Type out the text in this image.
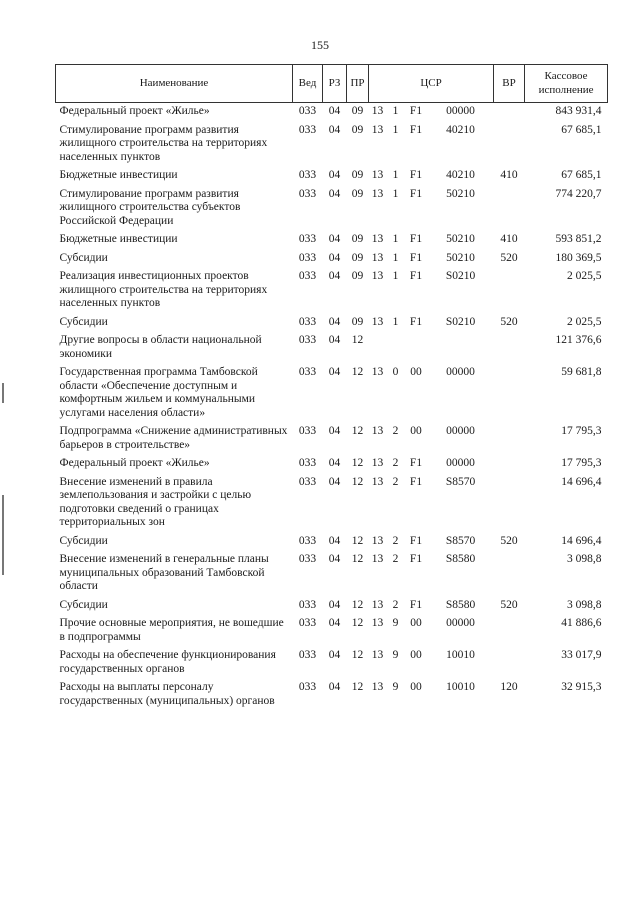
155
Наименование	Вед	РЗ	ПР	ЦСР				ВР	Кассовое исполнение
Федеральный проект «Жилье»	033	04	09	13	1	F1	00000		843 931,4
Стимулирование программ развития жилищного строительства на территориях населенных пунктов	033	04	09	13	1	F1	40210		67 685,1
Бюджетные инвестиции	033	04	09	13	1	F1	40210	410	67 685,1
Стимулирование программ развития жилищного строительства субъектов Российской Федерации	033	04	09	13	1	F1	50210		774 220,7
Бюджетные инвестиции	033	04	09	13	1	F1	50210	410	593 851,2
Субсидии	033	04	09	13	1	F1	50210	520	180 369,5
Реализация инвестиционных проектов жилищного строительства на территориях населенных пунктов	033	04	09	13	1	F1	S0210		2 025,5
Субсидии	033	04	09	13	1	F1	S0210	520	2 025,5
Другие вопросы в области национальной экономики	033	04	12						121 376,6
Государственная программа Тамбовской области «Обеспечение доступным и комфортным жильем и коммунальными услугами населения области»	033	04	12	13	0	00	00000		59 681,8
Подпрограмма «Снижение административных барьеров в строительстве»	033	04	12	13	2	00	00000		17 795,3
Федеральный проект «Жилье»	033	04	12	13	2	F1	00000		17 795,3
Внесение изменений в правила землепользования и застройки с целью подготовки сведений о границах территориальных зон	033	04	12	13	2	F1	S8570		14 696,4
Субсидии	033	04	12	13	2	F1	S8570	520	14 696,4
Внесение изменений в генеральные планы муниципальных образований Тамбовской области	033	04	12	13	2	F1	S8580		3 098,8
Субсидии	033	04	12	13	2	F1	S8580	520	3 098,8
Прочие основные мероприятия, не вошедшие в подпрограммы	033	04	12	13	9	00	00000		41 886,6
Расходы на обеспечение функционирования государственных органов	033	04	12	13	9	00	10010		33 017,9
Расходы на выплаты персоналу государственных (муниципальных) органов	033	04	12	13	9	00	10010	120	32 915,3
